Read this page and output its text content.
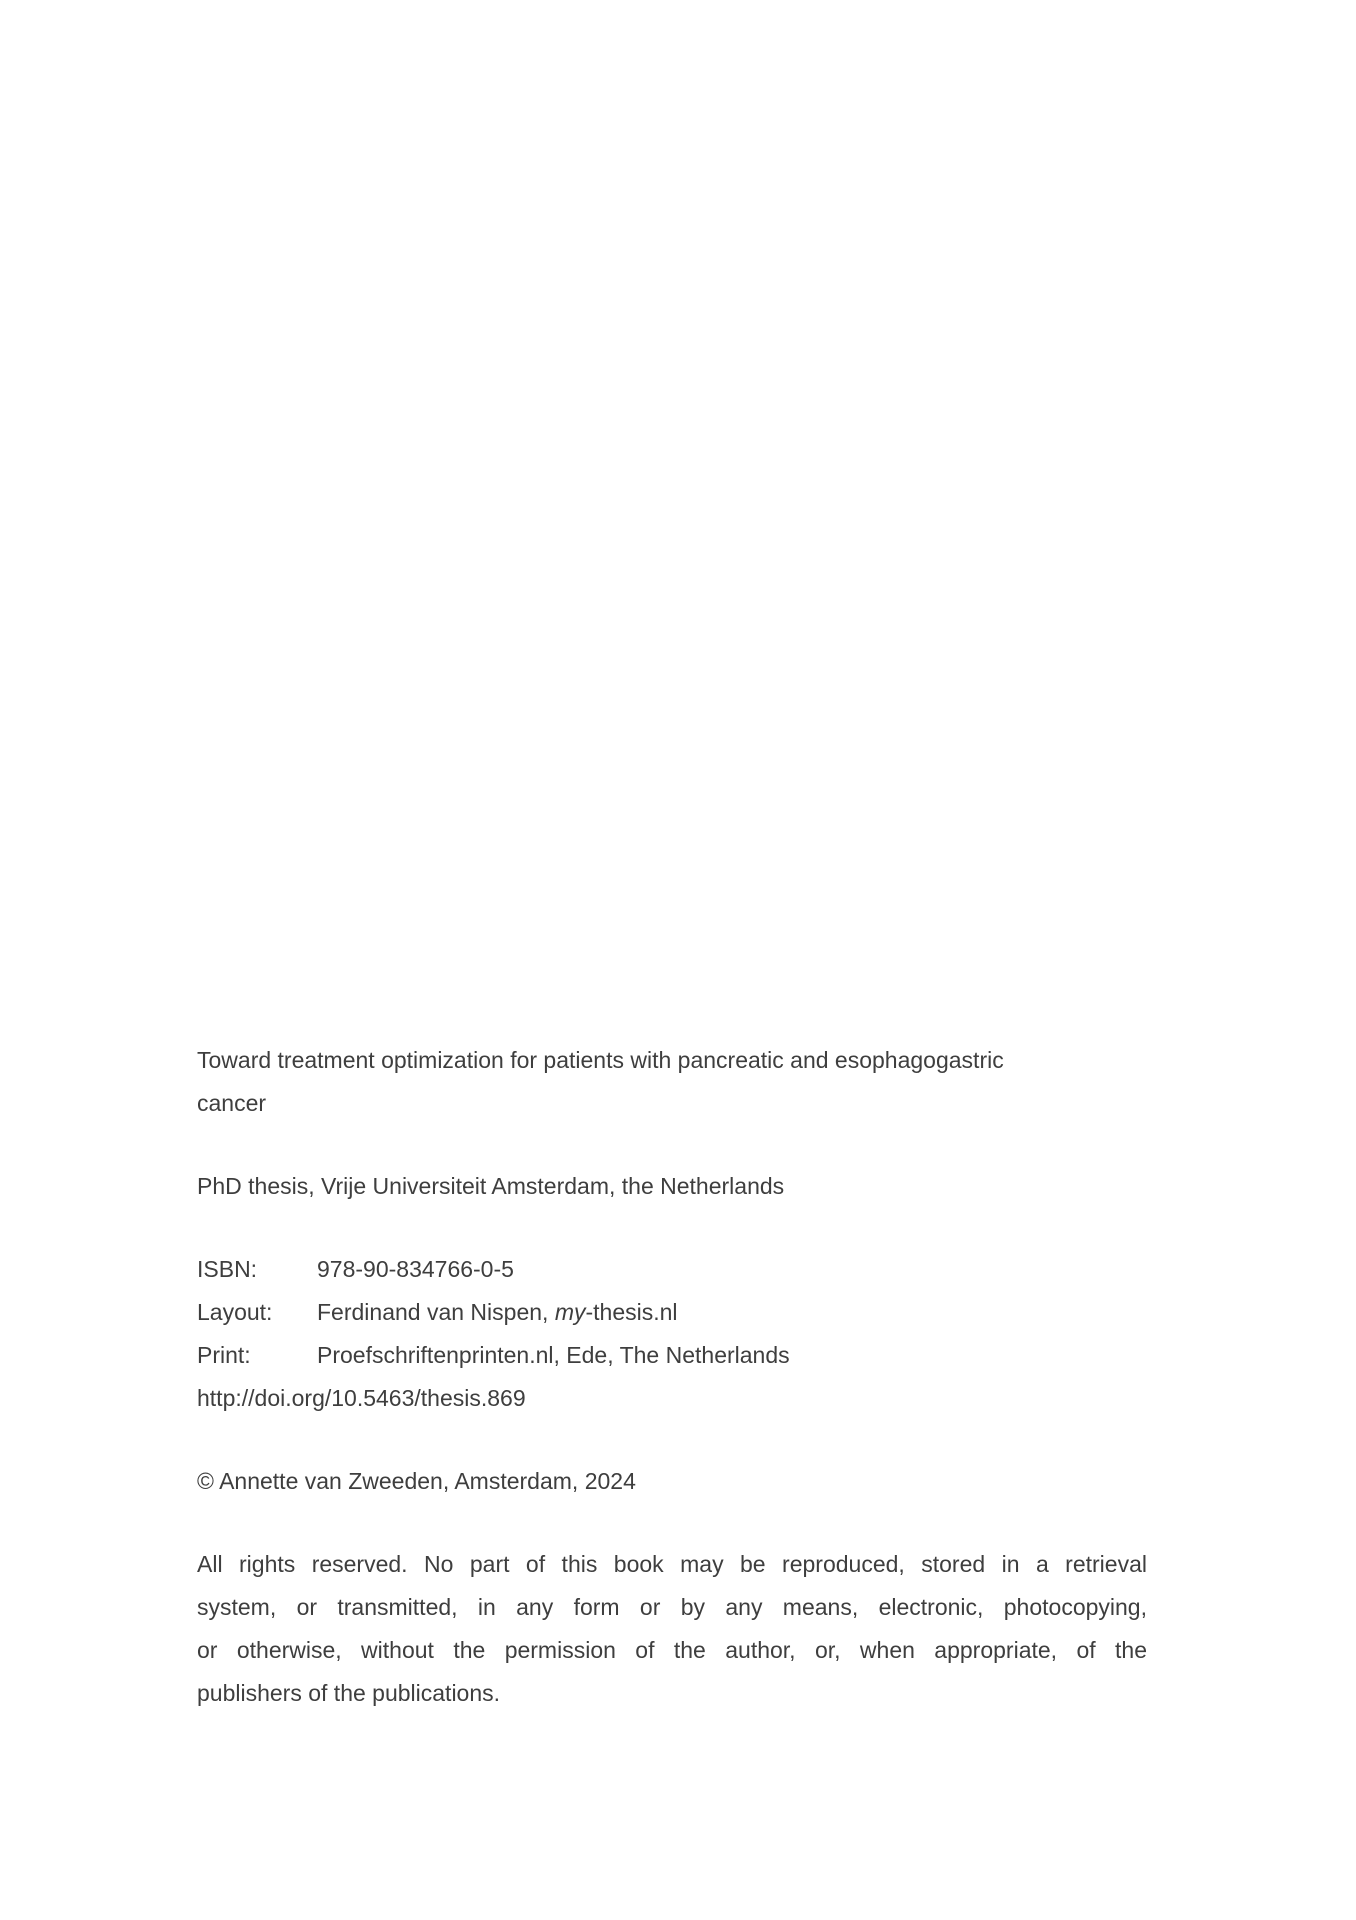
Toward treatment optimization for patients with pancreatic and esophagogastric
cancer
PhD thesis, Vrije Universiteit Amsterdam, the Netherlands
ISBN:	978-90-834766-0-5
Layout:	Ferdinand van Nispen, my-thesis.nl
Print:	Proefschriftenprinten.nl, Ede, The Netherlands
http://doi.org/10.5463/thesis.869
© Annette van Zweeden, Amsterdam, 2024
All rights reserved. No part of this book may be reproduced, stored in a retrieval
system, or transmitted, in any form or by any means, electronic, photocopying,
or otherwise, without the permission of the author, or, when appropriate, of the
publishers of the publications.
